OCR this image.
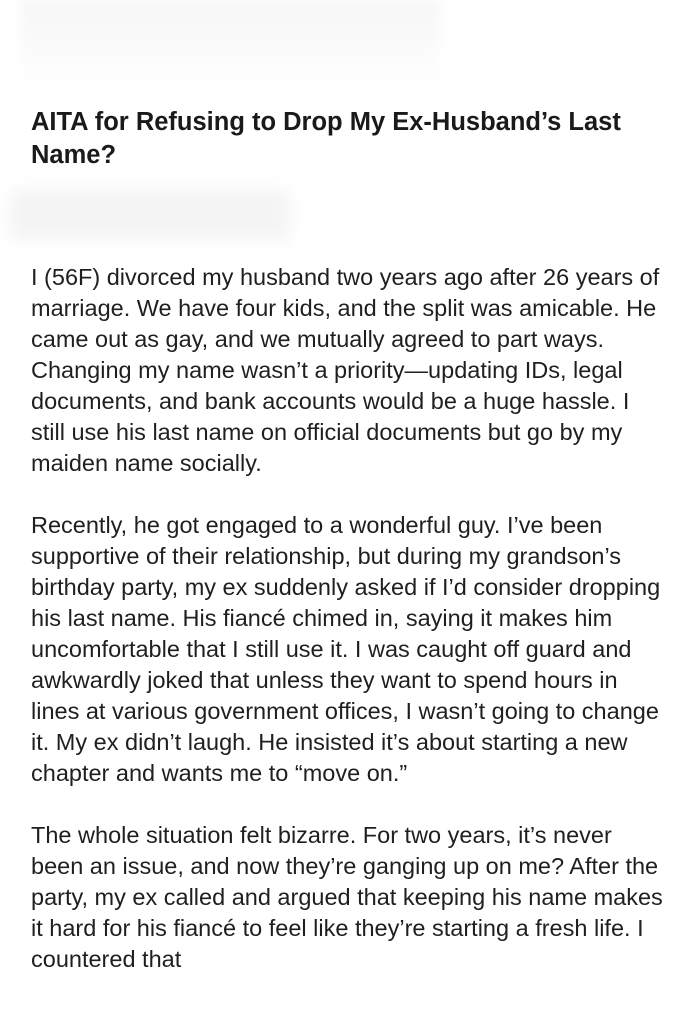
AITA for Refusing to Drop My Ex-Husband’s Last Name?

I (56F) divorced my husband two years ago after 26 years of marriage. We have four kids, and the split was amicable. He came out as gay, and we mutually agreed to part ways. Changing my name wasn’t a priority—updating IDs, legal documents, and bank accounts would be a huge hassle. I still use his last name on official documents but go by my maiden name socially.

Recently, he got engaged to a wonderful guy. I’ve been supportive of their relationship, but during my grandson’s birthday party, my ex suddenly asked if I’d consider dropping his last name. His fiancé chimed in, saying it makes him uncomfortable that I still use it. I was caught off guard and awkwardly joked that unless they want to spend hours in lines at various government offices, I wasn’t going to change it. My ex didn’t laugh. He insisted it’s about starting a new chapter and wants me to “move on.”

The whole situation felt bizarre. For two years, it’s never been an issue, and now they’re ganging up on me? After the party, my ex called and argued that keeping his name makes it hard for his fiancé to feel like they’re starting a fresh life. I countered that
